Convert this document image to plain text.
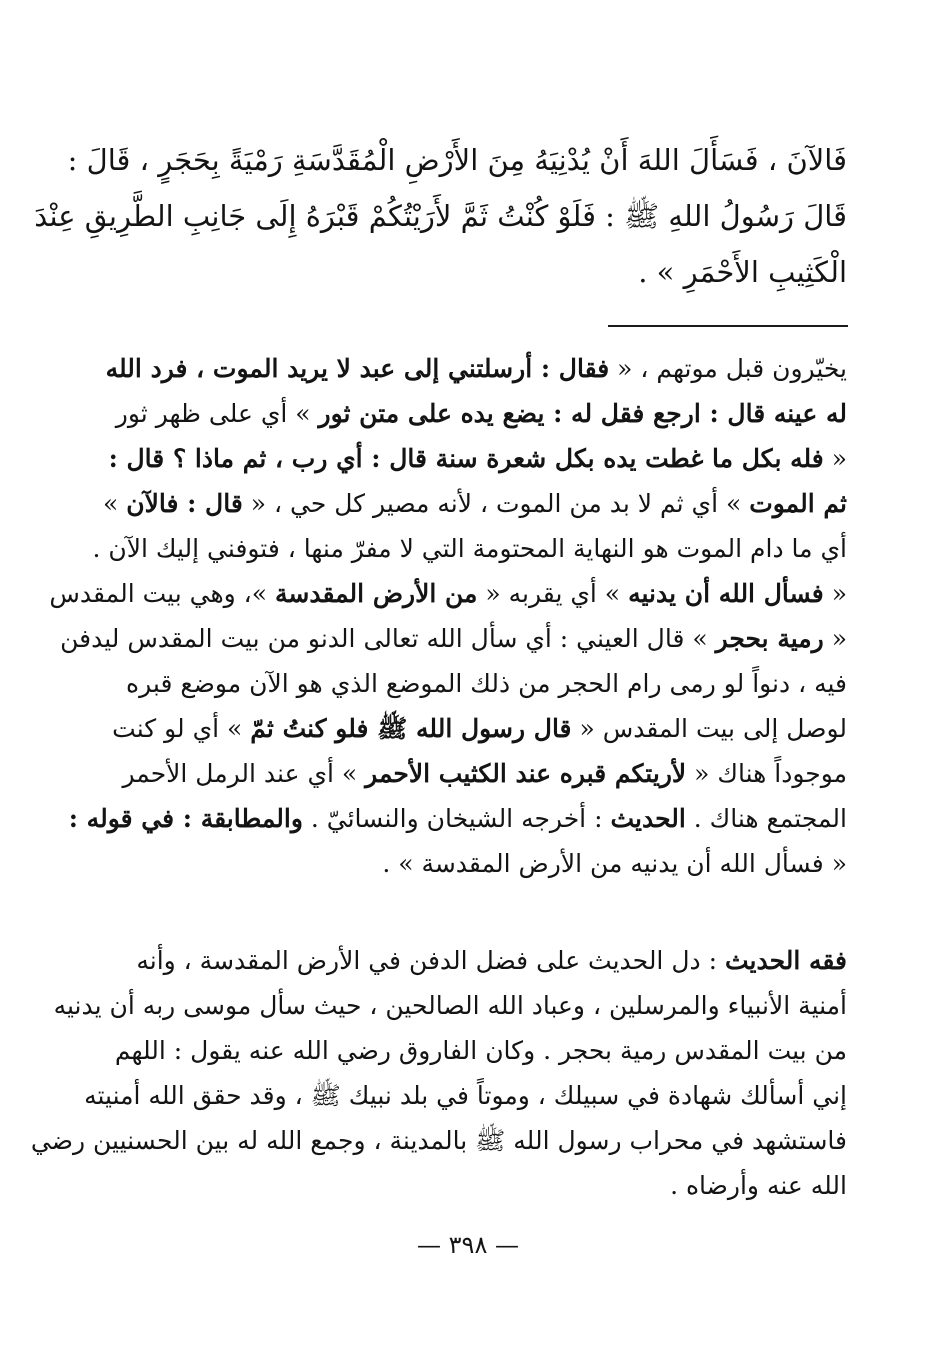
فَالآنَ ، فَسَأَلَ اللهَ أَنْ يُدْنِيَهُ مِنَ الأَرْضِ الْمُقَدَّسَةِ رَمْيَةً بِحَجَرٍ ، قَالَ :
قَالَ رَسُولُ اللهِ ﷺ : فَلَوْ كُنْتُ ثَمَّ لأَرَيْتُكُمْ قَبْرَهُ إِلَى جَانِبِ الطَّرِيقِ عِنْدَ
الْكَثِيبِ الأَحْمَرِ » .
يخيّرون قبل موتهم ، « فقال : أرسلتني إلى عبد لا يريد الموت ، فرد الله
له عينه قال : ارجع فقل له : يضع يده على متن ثور » أي على ظهر ثور
« فله بكل ما غطت يده بكل شعرة سنة قال : أي رب ، ثم ماذا ؟ قال :
ثم الموت » أي ثم لا بد من الموت ، لأنه مصير كل حي ، « قال : فالآن »
أي ما دام الموت هو النهاية المحتومة التي لا مفرّ منها ، فتوفني إليك الآن .
« فسأل الله أن يدنيه » أي يقربه « من الأرض المقدسة »، وهي بيت المقدس
« رمية بحجر » قال العيني : أي سأل الله تعالى الدنو من بيت المقدس ليدفن
فيه ، دنواً لو رمى رام الحجر من ذلك الموضع الذي هو الآن موضع قبره
لوصل إلى بيت المقدس « قال رسول الله ﷺ فلو كنتُ ثمّ » أي لو كنت
موجوداً هناك « لأريتكم قبره عند الكثيب الأحمر » أي عند الرمل الأحمر
المجتمع هناك . الحديث : أخرجه الشيخان والنسائيّ . والمطابقة : في قوله :
« فسأل الله أن يدنيه من الأرض المقدسة » .
فقه الحديث : دل الحديث على فضل الدفن في الأرض المقدسة ، وأنه
أمنية الأنبياء والمرسلين ، وعباد الله الصالحين ، حيث سأل موسى ربه أن يدنيه
من بيت المقدس رمية بحجر . وكان الفاروق رضي الله عنه يقول : اللهم
إني أسألك شهادة في سبيلك ، وموتاً في بلد نبيك ﷺ ، وقد حقق الله أمنيته
فاستشهد في محراب رسول الله ﷺ بالمدينة ، وجمع الله له بين الحسنيين رضي
الله عنه وأرضاه .
— ٣٩٨ —
